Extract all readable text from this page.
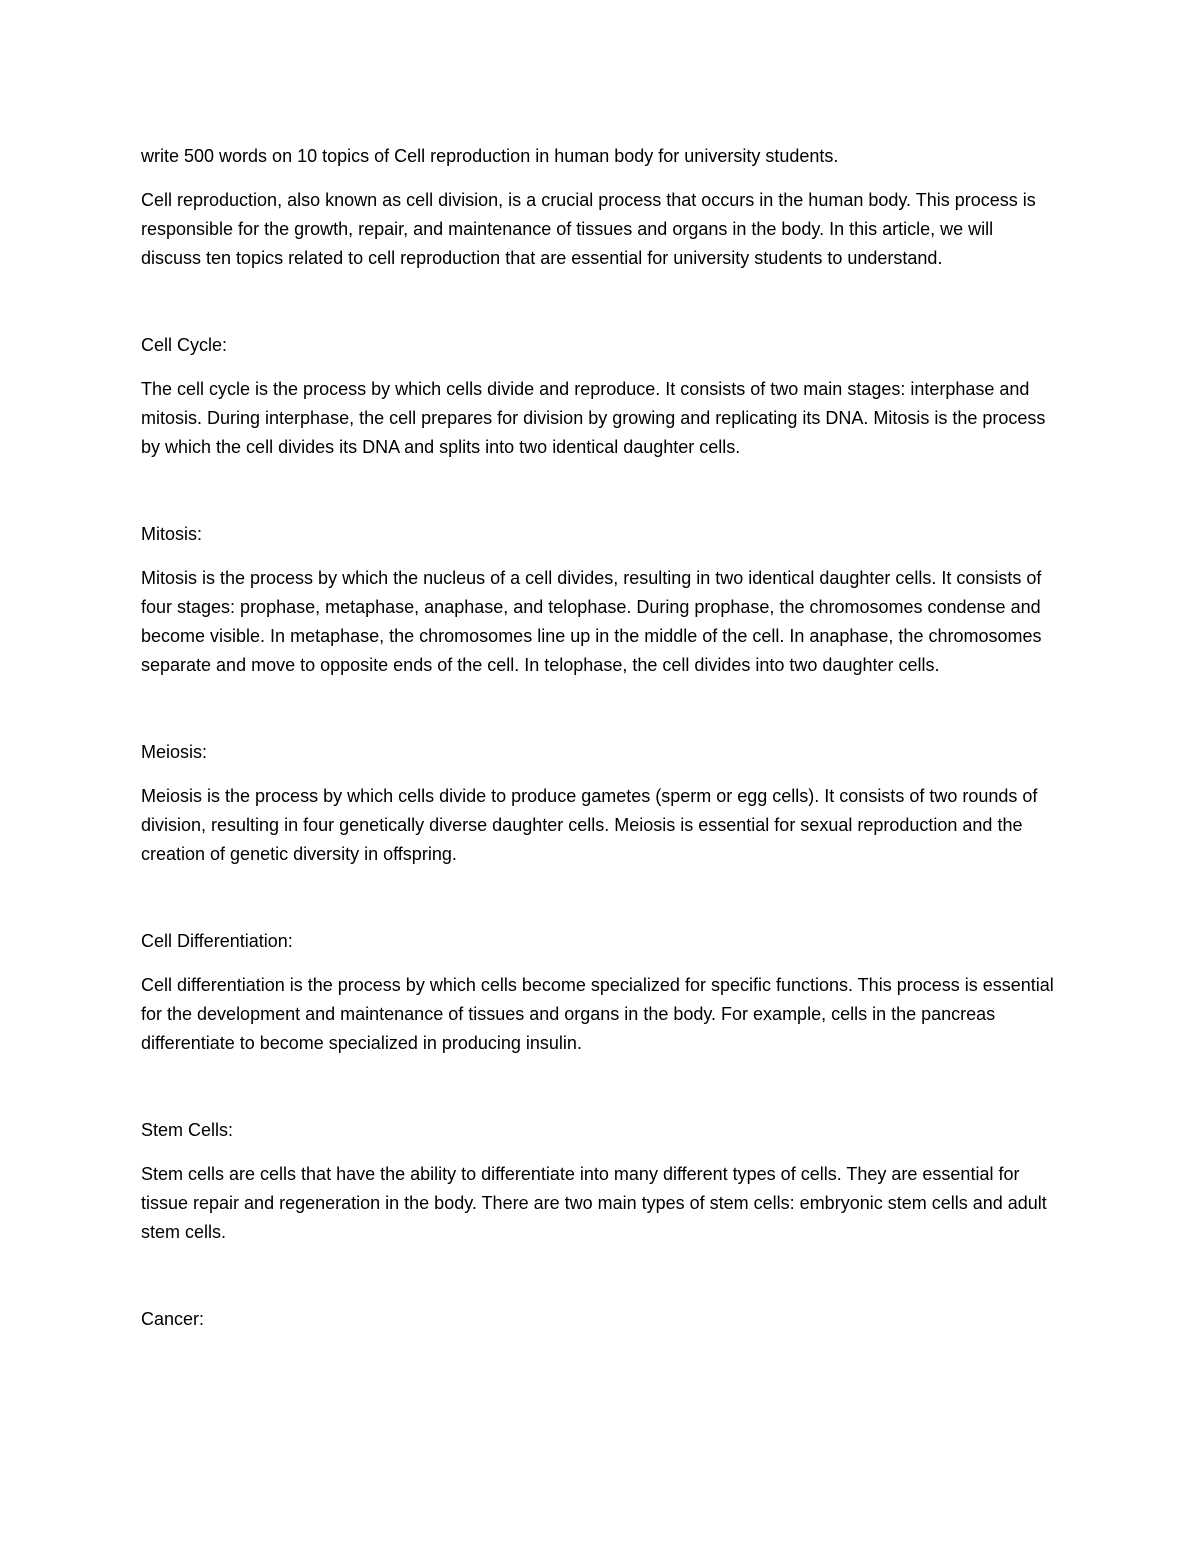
write 500 words on 10 topics of Cell reproduction in human body for university students.

Cell reproduction, also known as cell division, is a crucial process that occurs in the human body. This process is responsible for the growth, repair, and maintenance of tissues and organs in the body. In this article, we will discuss ten topics related to cell reproduction that are essential for university students to understand.

Cell Cycle:

The cell cycle is the process by which cells divide and reproduce. It consists of two main stages: interphase and mitosis. During interphase, the cell prepares for division by growing and replicating its DNA. Mitosis is the process by which the cell divides its DNA and splits into two identical daughter cells.

Mitosis:

Mitosis is the process by which the nucleus of a cell divides, resulting in two identical daughter cells. It consists of four stages: prophase, metaphase, anaphase, and telophase. During prophase, the chromosomes condense and become visible. In metaphase, the chromosomes line up in the middle of the cell. In anaphase, the chromosomes separate and move to opposite ends of the cell. In telophase, the cell divides into two daughter cells.

Meiosis:

Meiosis is the process by which cells divide to produce gametes (sperm or egg cells). It consists of two rounds of division, resulting in four genetically diverse daughter cells. Meiosis is essential for sexual reproduction and the creation of genetic diversity in offspring.

Cell Differentiation:

Cell differentiation is the process by which cells become specialized for specific functions. This process is essential for the development and maintenance of tissues and organs in the body. For example, cells in the pancreas differentiate to become specialized in producing insulin.

Stem Cells:

Stem cells are cells that have the ability to differentiate into many different types of cells. They are essential for tissue repair and regeneration in the body. There are two main types of stem cells: embryonic stem cells and adult stem cells.

Cancer:
